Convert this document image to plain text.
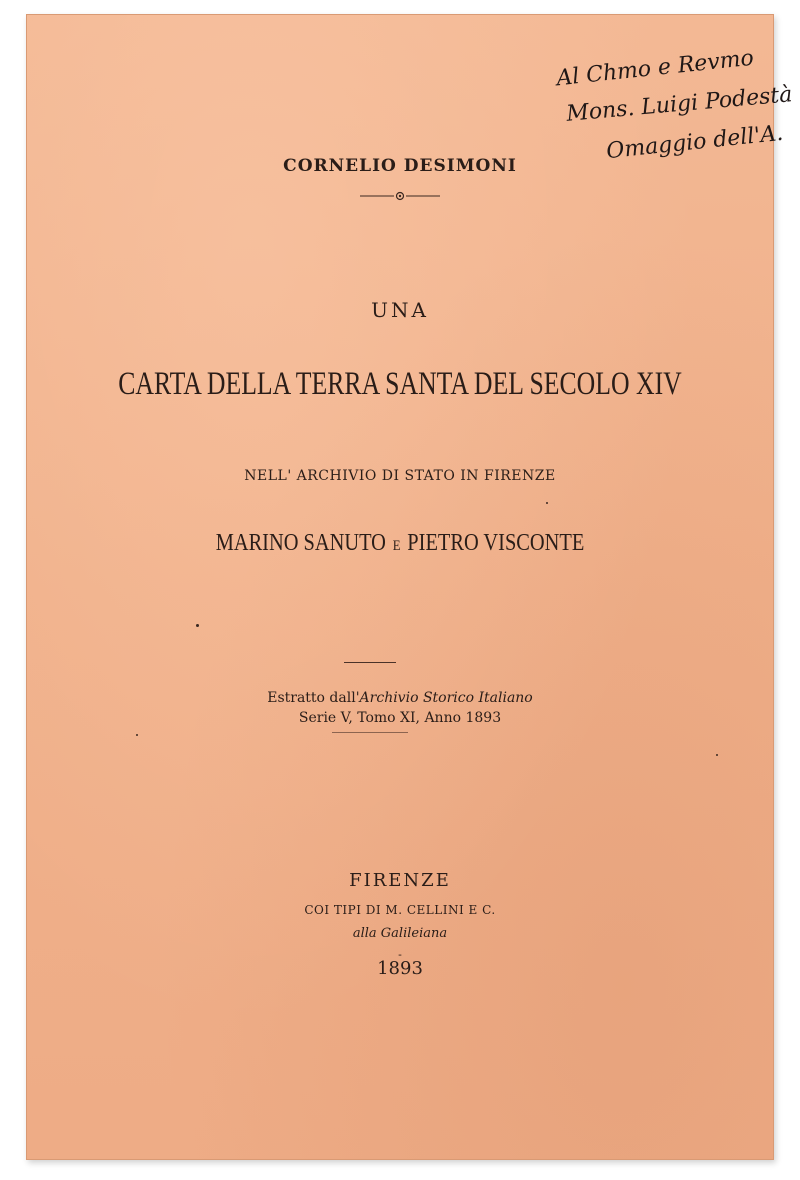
Al Chmo e Revmo
Mons. Luigi Podestà
Omaggio dell'A.

CORNELIO DESIMONI

UNA

CARTA DELLA TERRA SANTA DEL SECOLO XIV

NELL' ARCHIVIO DI STATO IN FIRENZE

MARINO SANUTO E PIETRO VISCONTE

Estratto dall'Archivio Storico Italiano

Serie V, Tomo XI, Anno 1893

FIRENZE

COI TIPI DI M. CELLINI E C.

alla Galileiana

-

1893
